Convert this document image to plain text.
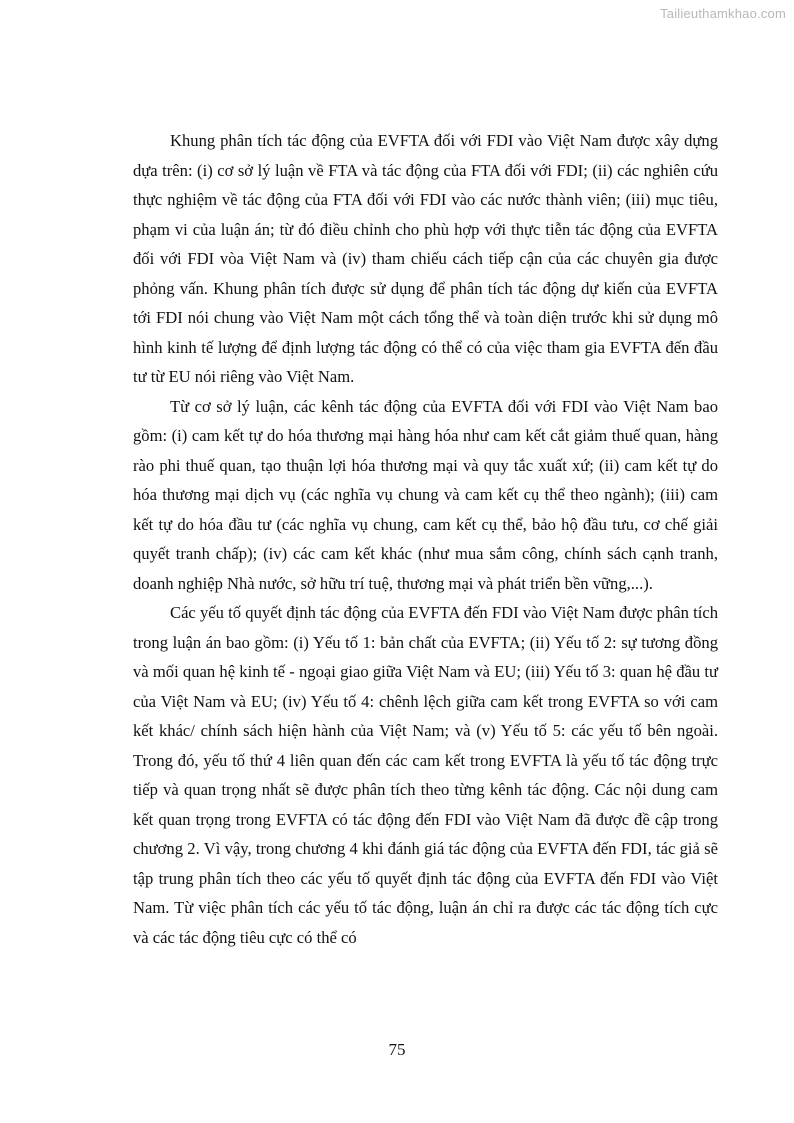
Tailieuthamkhao.com

Khung phân tích tác động của EVFTA đối với FDI vào Việt Nam được xây dựng dựa trên: (i) cơ sở lý luận về FTA và tác động của FTA đối với FDI; (ii) các nghiên cứu thực nghiệm về tác động của FTA đối với FDI vào các nước thành viên; (iii) mục tiêu, phạm vi của luận án; từ đó điều chỉnh cho phù hợp với thực tiễn tác động của EVFTA đối với FDI vòa Việt Nam và (iv) tham chiếu cách tiếp cận của các chuyên gia được phỏng vấn. Khung phân tích được sử dụng để phân tích tác động dự kiến của EVFTA tới FDI nói chung vào Việt Nam một cách tổng thể và toàn diện trước khi sử dụng mô hình kinh tế lượng để định lượng tác động có thể có của việc tham gia EVFTA đến đầu tư từ EU nói riêng vào Việt Nam.

Từ cơ sở lý luận, các kênh tác động của EVFTA đối với FDI vào Việt Nam bao gồm: (i) cam kết tự do hóa thương mại hàng hóa như cam kết cắt giảm thuế quan, hàng rào phi thuế quan, tạo thuận lợi hóa thương mại và quy tắc xuất xứ; (ii) cam kết tự do hóa thương mại dịch vụ (các nghĩa vụ chung và cam kết cụ thể theo ngành); (iii) cam kết tự do hóa đầu tư (các nghĩa vụ chung, cam kết cụ thể, bảo hộ đầu tưu, cơ chế giải quyết tranh chấp); (iv) các cam kết khác (như mua sắm công, chính sách cạnh tranh, doanh nghiệp Nhà nước, sở hữu trí tuệ, thương mại và phát triển bền vững,...).

Các yếu tố quyết định tác động của EVFTA đến FDI vào Việt Nam được phân tích trong luận án bao gồm: (i) Yếu tố 1: bản chất của EVFTA; (ii) Yếu tố 2: sự tương đồng và mối quan hệ kinh tế - ngoại giao giữa Việt Nam và EU; (iii) Yếu tố 3: quan hệ đầu tư của Việt Nam và EU; (iv) Yếu tố 4: chênh lệch giữa cam kết trong EVFTA so với cam kết khác/ chính sách hiện hành của Việt Nam; và (v) Yếu tố 5: các yếu tố bên ngoài. Trong đó, yếu tố thứ 4 liên quan đến các cam kết trong EVFTA là yếu tố tác động trực tiếp và quan trọng nhất sẽ được phân tích theo từng kênh tác động. Các nội dung cam kết quan trọng trong EVFTA có tác động đến FDI vào Việt Nam đã được đề cập trong chương 2. Vì vậy, trong chương 4 khi đánh giá tác động của EVFTA đến FDI, tác giả sẽ tập trung phân tích theo các yếu tố quyết định tác động của EVFTA đến FDI vào Việt Nam. Từ việc phân tích các yếu tố tác động, luận án chỉ ra được các tác động tích cực và các tác động tiêu cực có thể có

75
